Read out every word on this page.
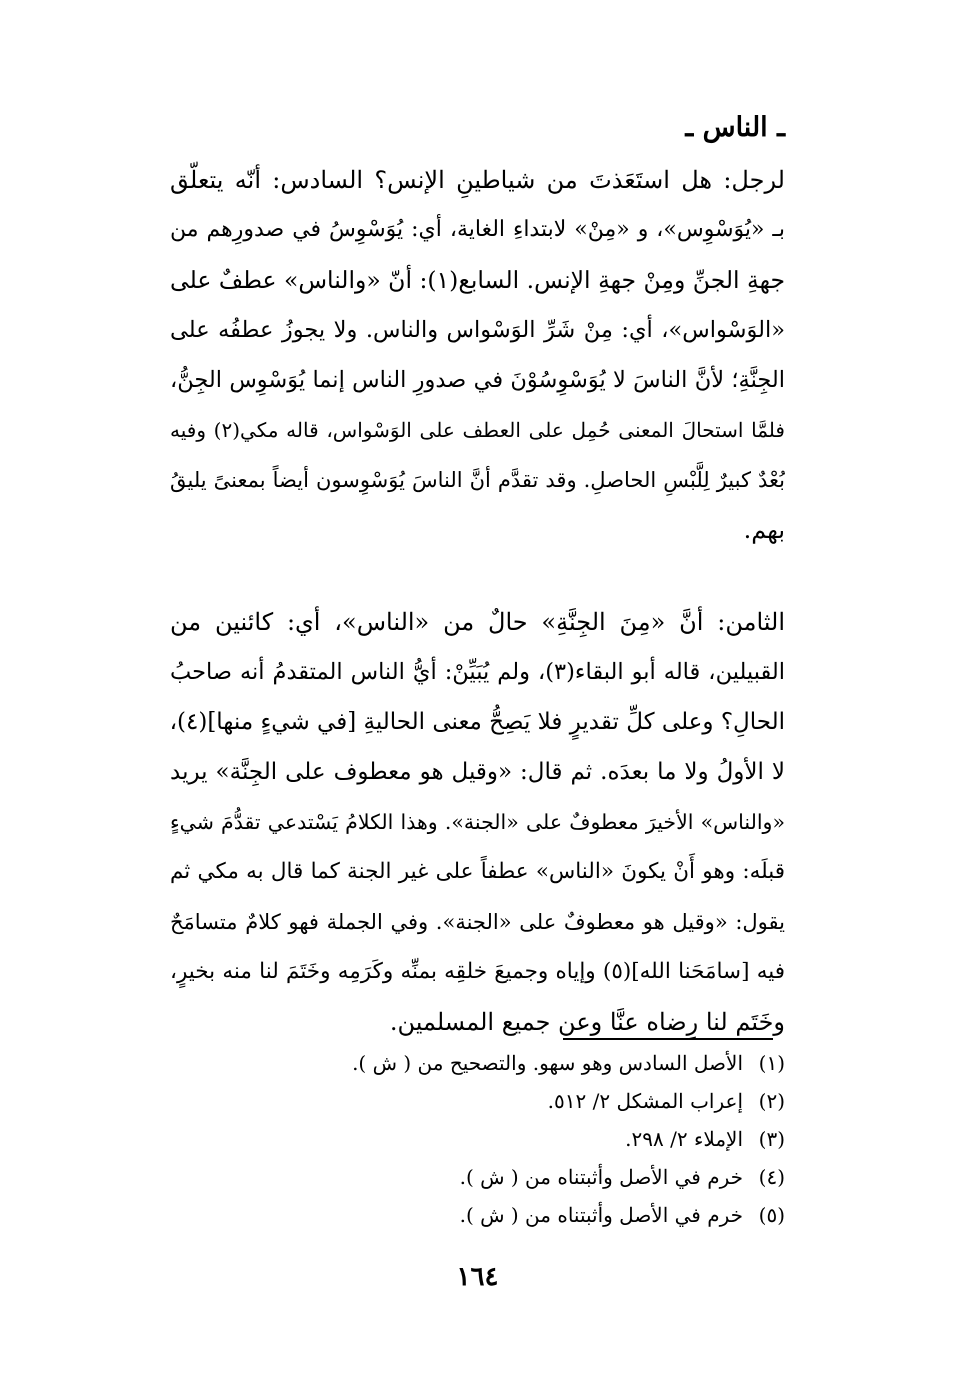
ـ الناس ـ
لرجل: هل استَعَذتَ من شياطينِ الإنس؟ السادس: أنّه يتعلّق
بـ «يُوَسْوِس»، و «مِنْ» لابتداءِ الغاية، أي: يُوَسْوِسُ في صدورِهم من
جهةِ الجنِّ ومِنْ جهةِ الإنس. السابع(١): أنّ «والناس» عطفٌ على
«الوَسْواس»، أي: مِنْ شَرِّ الوَسْواس والناس. ولا يجوزُ عطفُه على
الجِنَّةِ؛ لأنَّ الناسَ لا يُوَسْوِسُوْنَ في صدورِ الناس إنما يُوَسْوِس الجِنُّ،
فلمَّا استحالَ المعنى حُمِل على العطف على الوَسْواس، قاله مكي(٢) وفيه
بُعْدٌ كبيرٌ لِلَّبْسِ الحاصلِ. وقد تقدَّم أنَّ الناسَ يُوَسْوِسون أيضاً بمعنىً يليقُ
بهم.
الثامن: أنَّ «مِنَ الجِنَّةِ» حالٌ من «الناس»، أي: كائنين من
القبيلين، قاله أبو البقاء(٣)، ولم يُبَيِّنْ: أيُّ الناس المتقدمُ أنه صاحبُ
الحالِ؟ وعلى كلِّ تقديرٍ فلا يَصِحُّ معنى الحاليةِ [في شيءٍ منها](٤)،
لا الأولُ ولا ما بعدَه. ثم قال: «وقيل هو معطوف على الجِنَّة» يريد
«والناس» الأخيرَ معطوفٌ على «الجنة». وهذا الكلامُ يَسْتدعي تقدُّمَ شيءٍ
قبلَه: وهو أَنْ يكونَ «الناس» عطفاً على غير الجنة كما قال به مكي ثم
يقول: «وقيل هو معطوفٌ على «الجنة». وفي الجملة فهو كلامٌ متسامَحٌ
فيه [سامَحَنا الله](٥) وإياه وجميعَ خلقِه بمنِّه وكَرَمِه وخَتَمَ لنا منه بخيرٍ،
وخَتَم لنا رِضاه عنَّا وعن جميع المسلمين.
(١)الأصل السادس وهو سهو. والتصحيح من ( ش ).
(٢)إعراب المشكل ٢/ ٥١٢.
(٣)الإملاء ٢/ ٢٩٨.
(٤)خرم في الأصل وأثبتناه من ( ش ).
(٥)خرم في الأصل وأثبتناه من ( ش ).
١٦٤
